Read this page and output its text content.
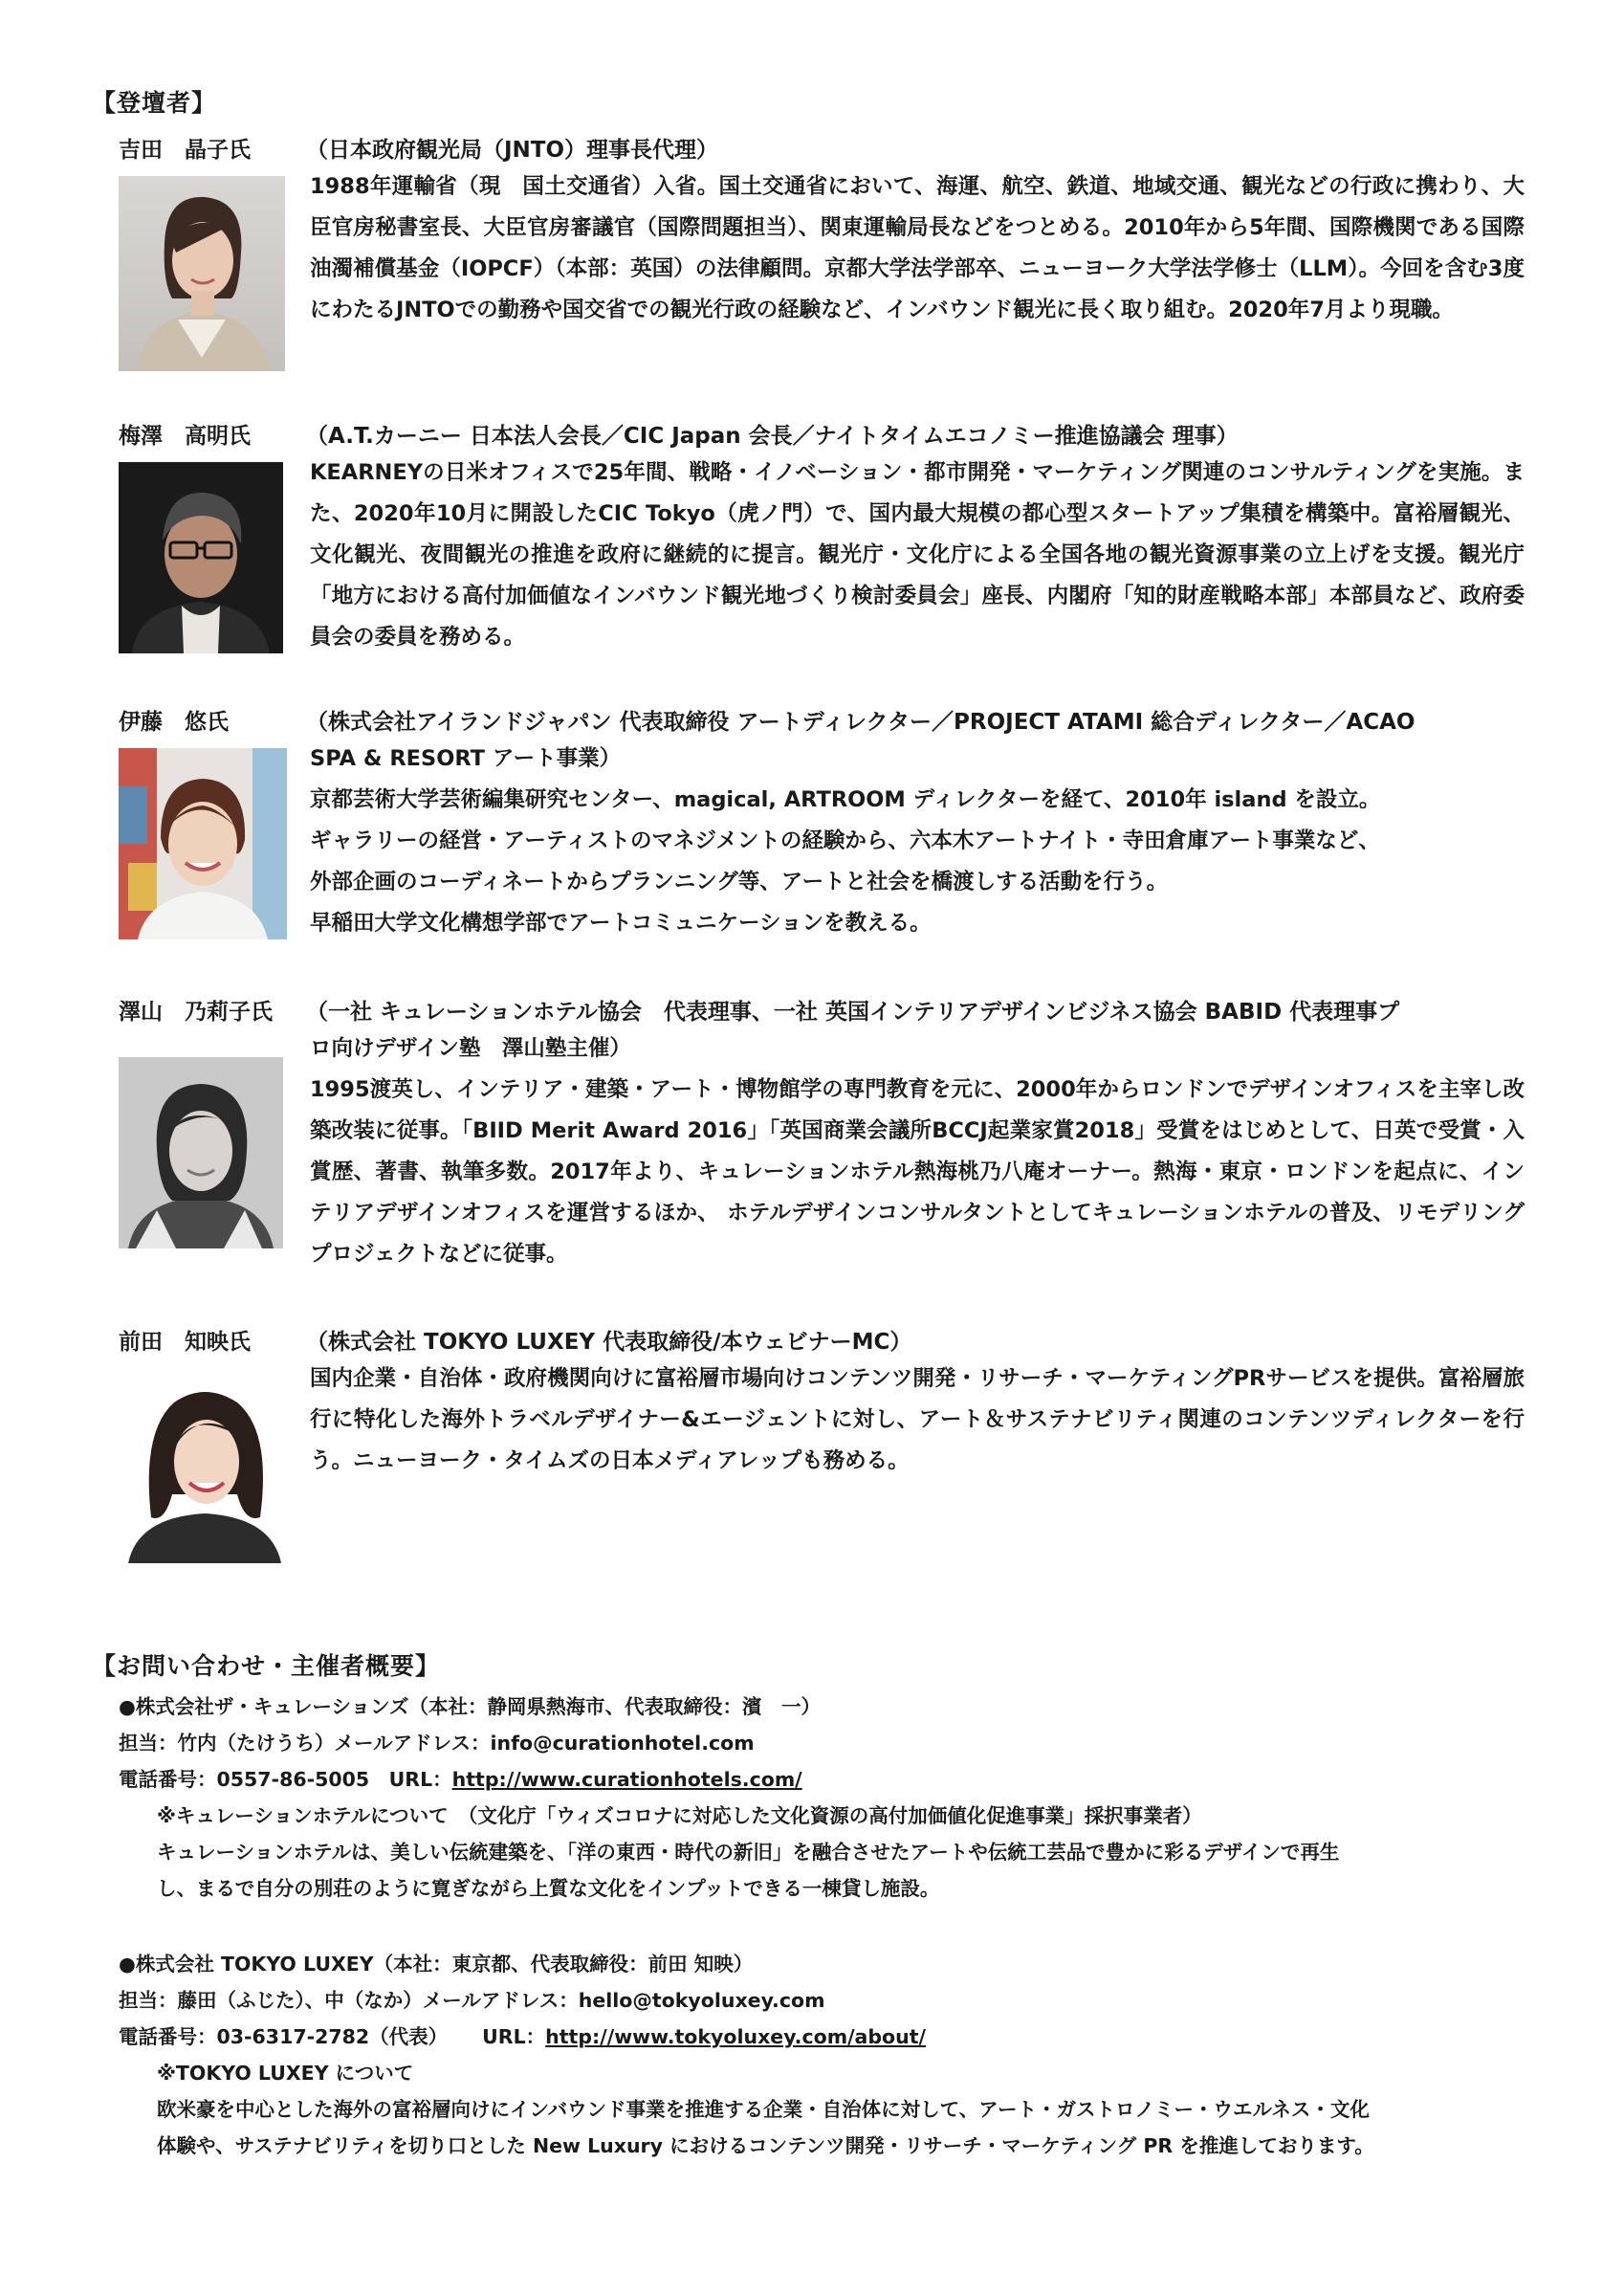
【登壇者】
吉田　晶子氏	（日本政府観光局（JNTO）理事長代理）
1988年運輸省（現　国土交通省）入省。国土交通省において、海運、航空、鉄道、地域交通、観光などの行政に携わり、大臣官房秘書室長、大臣官房審議官（国際問題担当）、関東運輸局長などをつとめる。2010年から5年間、国際機関である国際油濁補償基金（IOPCF）（本部：英国）の法律顧問。京都大学法学部卒、ニューヨーク大学法学修士（LLM）。今回を含む3度にわたるJNTOでの勤務や国交省での観光行政の経験など、インバウンド観光に長く取り組む。2020年7月より現職。
梅澤　高明氏	（A.T.カーニー 日本法人会長／CIC Japan 会長／ナイトタイムエコノミー推進協議会 理事）
KEARNEYの日米オフィスで25年間、戦略・イノベーション・都市開発・マーケティング関連のコンサルティングを実施。また、2020年10月に開設したCIC Tokyo（虎ノ門）で、国内最大規模の都心型スタートアップ集積を構築中。富裕層観光、文化観光、夜間観光の推進を政府に継続的に提言。観光庁・文化庁による全国各地の観光資源事業の立上げを支援。観光庁「地方における高付加価値なインバウンド観光地づくり検討委員会」座長、内閣府「知的財産戦略本部」本部員など、政府委員会の委員を務める。
伊藤　悠氏	（株式会社アイランドジャパン 代表取締役 アートディレクター／PROJECT ATAMI 総合ディレクター／ACAO
SPA & RESORT アート事業）

京都芸術大学芸術編集研究センター、magical, ARTROOM ディレクターを経て、2010年 island を設立。

ギャラリーの経営・アーティストのマネジメントの経験から、六本木アートナイト・寺田倉庫アート事業など、

外部企画のコーディネートからプランニング等、アートと社会を橋渡しする活動を行う。

早稲田大学文化構想学部でアートコミュニケーションを教える。

澤山　乃莉子氏 （一社 キュレーションホテル協会　代表理事、一社 英国インテリアデザインビジネス協会 BABID 代表理事プ
ロ向けデザイン塾　澤山塾主催）
1995渡英し、インテリア・建築・アート・博物館学の専門教育を元に、2000年からロンドンでデザインオフィスを主宰し改築改装に従事。「BIID Merit Award 2016」「英国商業会議所BCCJ起業家賞2018」受賞をはじめとして、日英で受賞・入賞歴、著書、執筆多数。2017年より、キュレーションホテル熱海桃乃八庵オーナー。熱海・東京・ロンドンを起点に、インテリアデザインオフィスを運営するほか、 ホテルデザインコンサルタントとしてキュレーションホテルの普及、リモデリングプロジェクトなどに従事。
前田　知映氏	（株式会社 TOKYO LUXEY 代表取締役/本ウェビナーMC）
国内企業・自治体・政府機関向けに富裕層市場向けコンテンツ開発・リサーチ・マーケティングPRサービスを提供。富裕層旅行に特化した海外トラベルデザイナー&エージェントに対し、アート＆サステナビリティ関連のコンテンツディレクターを行う。ニューヨーク・タイムズの日本メディアレップも務める。
【お問い合わせ・主催者概要】
●株式会社ザ・キュレーションズ（本社：静岡県熱海市、代表取締役：濱　一）
担当：竹内（たけうち）メールアドレス：info@curationhotel.com
電話番号：0557-86-5005　URL：http://www.curationhotels.com/
※キュレーションホテルについて　（文化庁「ウィズコロナに対応した文化資源の高付加価値化促進事業」採択事業者）
キュレーションホテルは、美しい伝統建築を、「洋の東西・時代の新旧」を融合させたアートや伝統工芸品で豊かに彩るデザインで再生
し、まるで自分の別荘のように寛ぎながら上質な文化をインプットできる一棟貸し施設。
●株式会社 TOKYO LUXEY（本社：東京都、代表取締役：前田 知映）
担当：藤田（ふじた）、中（なか）メールアドレス：hello@tokyoluxey.com
電話番号：03-6317-2782（代表） URL：http://www.tokyoluxey.com/about/
※TOKYO LUXEY について
欧米豪を中心とした海外の富裕層向けにインバウンド事業を推進する企業・自治体に対して、アート・ガストロノミー・ウエルネス・文化
体験や、サステナビリティを切り口とした New Luxury におけるコンテンツ開発・リサーチ・マーケティング PR を推進しております。
